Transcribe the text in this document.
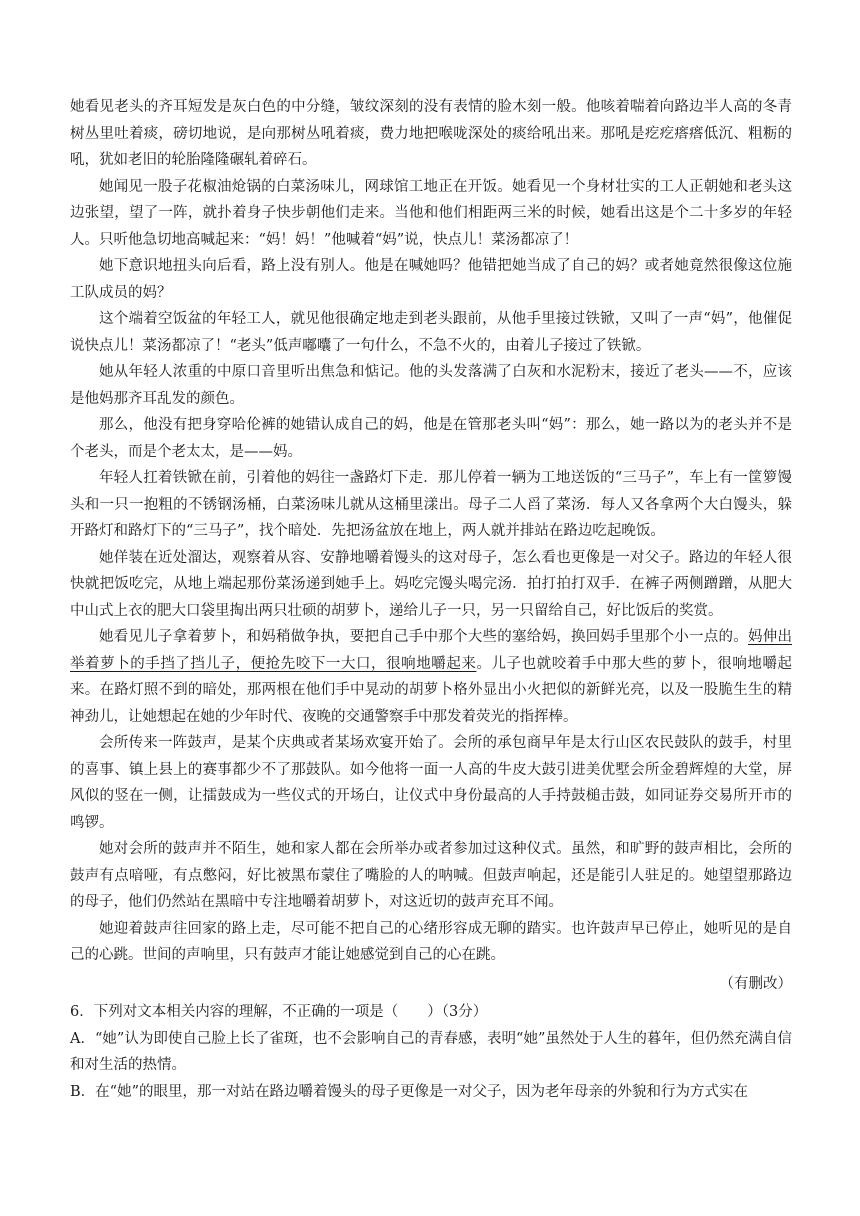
她看见老头的齐耳短发是灰白色的中分缝，皱纹深刻的没有表情的脸木刻一般。他咳着喘着向路边半人高的冬青树丛里吐着痰，磅切地说，是向那树丛吼着痰，费力地把喉咙深处的痰给吼出来。那吼是疙疙瘩瘩低沉、粗粝的吼，犹如老旧的轮胎隆隆碾轧着碎石。

她闻见一股子花椒油炝锅的白菜汤味儿，网球馆工地正在开饭。她看见一个身材壮实的工人正朝她和老头这边张望，望了一阵，就扑着身子快步朝他们走来。当他和他们相距两三米的时候，她看出这是个二十多岁的年轻人。只听他急切地高喊起来：“妈！妈！”他喊着“妈”说，快点儿！菜汤都凉了！

她下意识地扭头向后看，路上没有别人。他是在喊她吗？他错把她当成了自己的妈？或者她竟然很像这位施工队成员的妈？

这个端着空饭盆的年轻工人，就见他很确定地走到老头跟前，从他手里接过铁锨，又叫了一声“妈”，他催促说快点儿！菜汤都凉了！“老头”低声嘟囔了一句什么，不急不火的，由着儿子接过了铁锨。

她从年轻人浓重的中原口音里听出焦急和惦记。他的头发落满了白灰和水泥粉末，接近了老头——不，应该是他妈那齐耳乱发的颜色。

那么，他没有把身穿哈伦裤的她错认成自己的妈，他是在管那老头叫“妈”：那么，她一路以为的老头并不是个老头，而是个老太太，是——妈。

年轻人扛着铁锨在前，引着他的妈往一盏路灯下走．那儿停着一辆为工地送饭的“三马子”，车上有一筐箩馒头和一只一抱粗的不锈钢汤桶，白菜汤味儿就从这桶里漾出。母子二人舀了菜汤．每人又各拿两个大白馒头，躲开路灯和路灯下的“三马子”，找个暗处．先把汤盆放在地上，两人就并排站在路边吃起晚饭。

她佯装在近处溜达，观察着从容、安静地嚼着馒头的这对母子，怎么看也更像是一对父子。路边的年轻人很快就把饭吃完，从地上端起那份菜汤递到她手上。妈吃完馒头喝完汤．拍打拍打双手．在裤子两侧蹭蹭，从肥大中山式上衣的肥大口袋里掏出两只壮硕的胡萝卜，递给儿子一只，另一只留给自己，好比饭后的奖赏。

她看见儿子拿着萝卜，和妈稍做争执，要把自己手中那个大些的塞给妈，换回妈手里那个小一点的。妈伸出举着萝卜的手挡了挡儿子，便抢先咬下一大口，很响地嚼起来。儿子也就咬着手中那大些的萝卜，很响地嚼起来。在路灯照不到的暗处，那两根在他们手中晃动的胡萝卜格外显出小火把似的新鲜光亮，以及一股脆生生的精神劲儿，让她想起在她的少年时代、夜晚的交通警察手中那发着荧光的指挥棒。

会所传来一阵鼓声，是某个庆典或者某场欢宴开始了。会所的承包商早年是太行山区农民鼓队的鼓手，村里的喜事、镇上县上的赛事都少不了那鼓队。如今他将一面一人高的牛皮大鼓引进美优墅会所金碧辉煌的大堂，屏风似的竖在一侧，让擂鼓成为一些仪式的开场白，让仪式中身份最高的人手持鼓槌击鼓，如同证券交易所开市的鸣锣。

她对会所的鼓声并不陌生，她和家人都在会所举办或者参加过这种仪式。虽然，和旷野的鼓声相比，会所的鼓声有点喑哑，有点憋闷，好比被黑布蒙住了嘴脸的人的呐喊。但鼓声响起，还是能引人驻足的。她望望那路边的母子，他们仍然站在黑暗中专注地嚼着胡萝卜，对这近切的鼓声充耳不闻。

她迎着鼓声往回家的路上走，尽可能不把自己的心绪形容成无聊的踏实。也许鼓声早已停止，她听见的是自己的心跳。世间的声响里，只有鼓声才能让她感觉到自己的心在跳。

（有删改）

6．下列对文本相关内容的理解，不正确的一项是（　　）（3分）

A．“她”认为即使自己脸上长了雀斑，也不会影响自己的青春感，表明“她”虽然处于人生的暮年，但仍然充满自信和对生活的热情。

B．在“她”的眼里，那一对站在路边嚼着馒头的母子更像是一对父子，因为老年母亲的外貌和行为方式实在
